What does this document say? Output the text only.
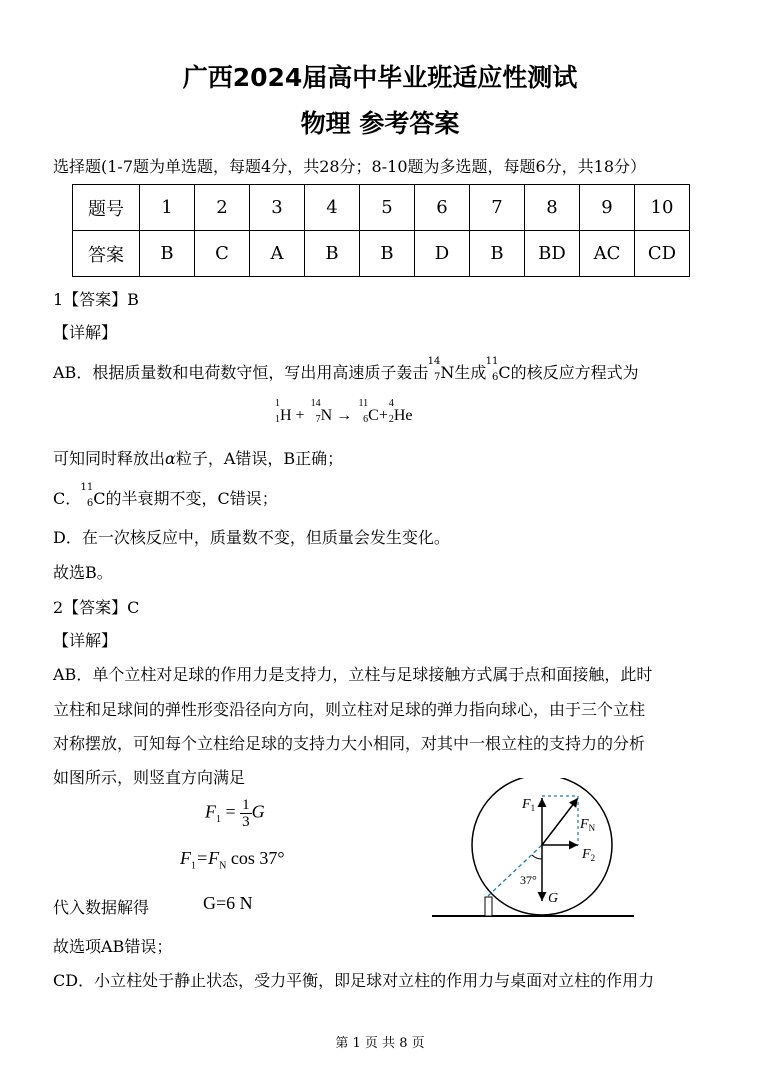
广西2024届高中毕业班适应性测试
物理 参考答案
选择题(1-7题为单选题，每题4分，共28分；8-10题为多选题，每题6分，共18分）
题号	1	2	3	4	5	6	7	8	9	10
答案	B	C	A	B	B	D	B	BD	AC	CD
1【答案】B
【详解】
AB．根据质量数和电荷数守恒，写出用高速质子轰击
14
7 N生成
11
6 C的核反应方程式为
1
1 H +
14
7 N →
11
6 C+
4
2 He
可知同时释放出α粒子，A错误，B正确；
C．
11
6 C的半衰期不变，C错误；
D．在一次核反应中，质量数不变，但质量会发生变化。
故选B。
2【答案】C
【详解】
AB．单个立柱对足球的作用力是支持力，立柱与足球接触方式属于点和面接触，此时
立柱和足球间的弹性形变沿径向方向，则立柱对足球的弹力指向球心，由于三个立柱
对称摆放，可知每个立柱给足球的支持力大小相同，对其中一根立柱的支持力的分析
如图所示，则竖直方向满足
$F_1 = \frac{1}{3}$ G
$F_1=F_N$ cos 37°
代入数据解得	G=6 N
故选项AB错误；
CD．小立柱处于静止状态，受力平衡，即足球对立柱的作用力与桌面对立柱的作用力
$F_1$
$F_N$
$F_2$
G
37°
第 1 页 共 8 页
